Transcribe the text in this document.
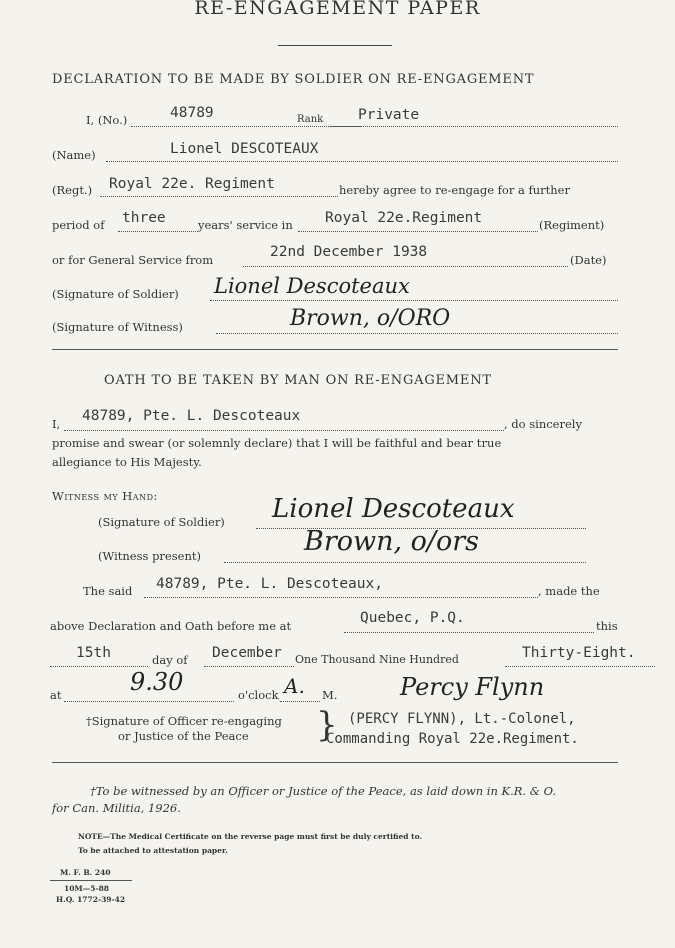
RE-ENGAGEMENT PAPER
DECLARATION TO BE MADE BY SOLDIER ON RE-ENGAGEMENT
I, (No.)	48789	Rank Private
(Name)	Lionel DESCOTEAUX
(Regt.) Royal 22e. Regiment	hereby agree to re-engage for a further
period of three	years' service in Royal 22e.Regiment	(Regiment)
or for General Service from	22nd December 1938	(Date)
(Signature of Soldier) Lionel Descoteaux
(Signature of Witness)	Brown, o/ORO
OATH TO BE TAKEN BY MAN ON RE-ENGAGEMENT
I, 48789, Pte. L. Descoteaux	, do sincerely
promise and swear (or solemnly declare) that I will be faithful and bear true
allegiance to His Majesty.
Witness my Hand:
(Signature of Soldier) Lionel Descoteaux
(Witness present)	Brown, o/ors
The said 48789, Pte. L. Descoteaux,	, made the
above Declaration and Oath before me at	Quebec, P.Q.	this
15th	day of December One Thousand Nine Hundred	Thirty-Eight.
at	9.30	o'clock A. M.	Percy Flynn
†Signature of Officer re-engaging
or Justice of the Peace } (PERCY FLYNN), Lt.-Colonel,
Commanding Royal 22e.Regiment.
†To be witnessed by an Officer or Justice of the Peace, as laid down in K.R. & O.
for Can. Militia, 1926.
NOTE—The Medical Certificate on the reverse page must first be duly certified to.
To be attached to attestation paper.
M. F. B. 240
10M—5-88
H.Q. 1772-39-42
